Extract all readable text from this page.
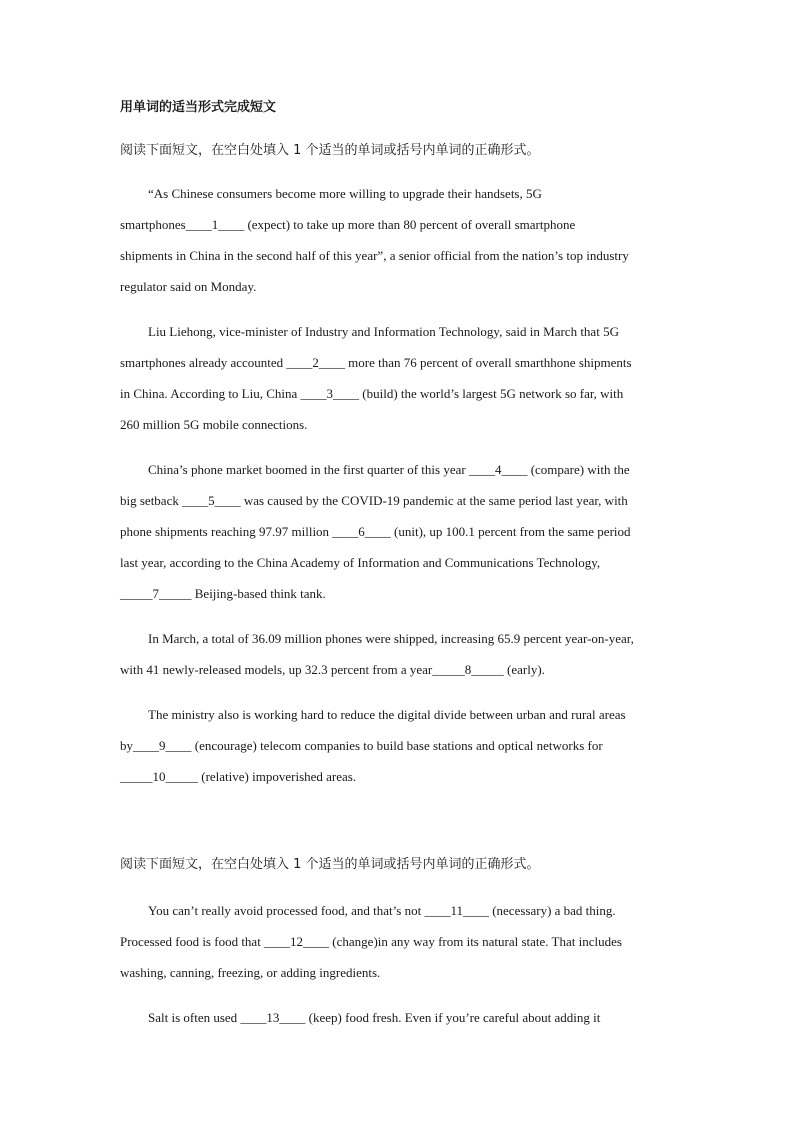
用单词的适当形式完成短文
阅读下面短文，在空白处填入 1 个适当的单词或括号内单词的正确形式。
“As Chinese consumers become more willing to upgrade their handsets, 5G
smartphones____1____ (expect) to take up more than 80 percent of overall smartphone
shipments in China in the second half of this year”, a senior official from the nation’s top industry
regulator said on Monday.
Liu Liehong, vice-minister of Industry and Information Technology, said in March that 5G
smartphones already accounted ____2____ more than 76 percent of overall smarthhone shipments
in China. According to Liu, China ____3____ (build) the world’s largest 5G network so far, with
260 million 5G mobile connections.
China’s phone market boomed in the first quarter of this year ____4____ (compare) with the
big setback ____5____ was caused by the COVID-19 pandemic at the same period last year, with
phone shipments reaching 97.97 million ____6____ (unit), up 100.1 percent from the same period
last year, according to the China Academy of Information and Communications Technology,
_____7_____ Beijing-based think tank.
In March, a total of 36.09 million phones were shipped, increasing 65.9 percent year-on-year,
with 41 newly-released models, up 32.3 percent from a year_____8_____ (early).
The ministry also is working hard to reduce the digital divide between urban and rural areas
by____9____ (encourage) telecom companies to build base stations and optical networks for
_____10_____ (relative) impoverished areas.
阅读下面短文，在空白处填入 1 个适当的单词或括号内单词的正确形式。
You can’t really avoid processed food, and that’s not ____11____ (necessary) a bad thing.
Processed food is food that ____12____ (change)in any way from its natural state. That includes
washing, canning, freezing, or adding ingredients.
Salt is often used ____13____ (keep) food fresh. Even if you’re careful about adding it
